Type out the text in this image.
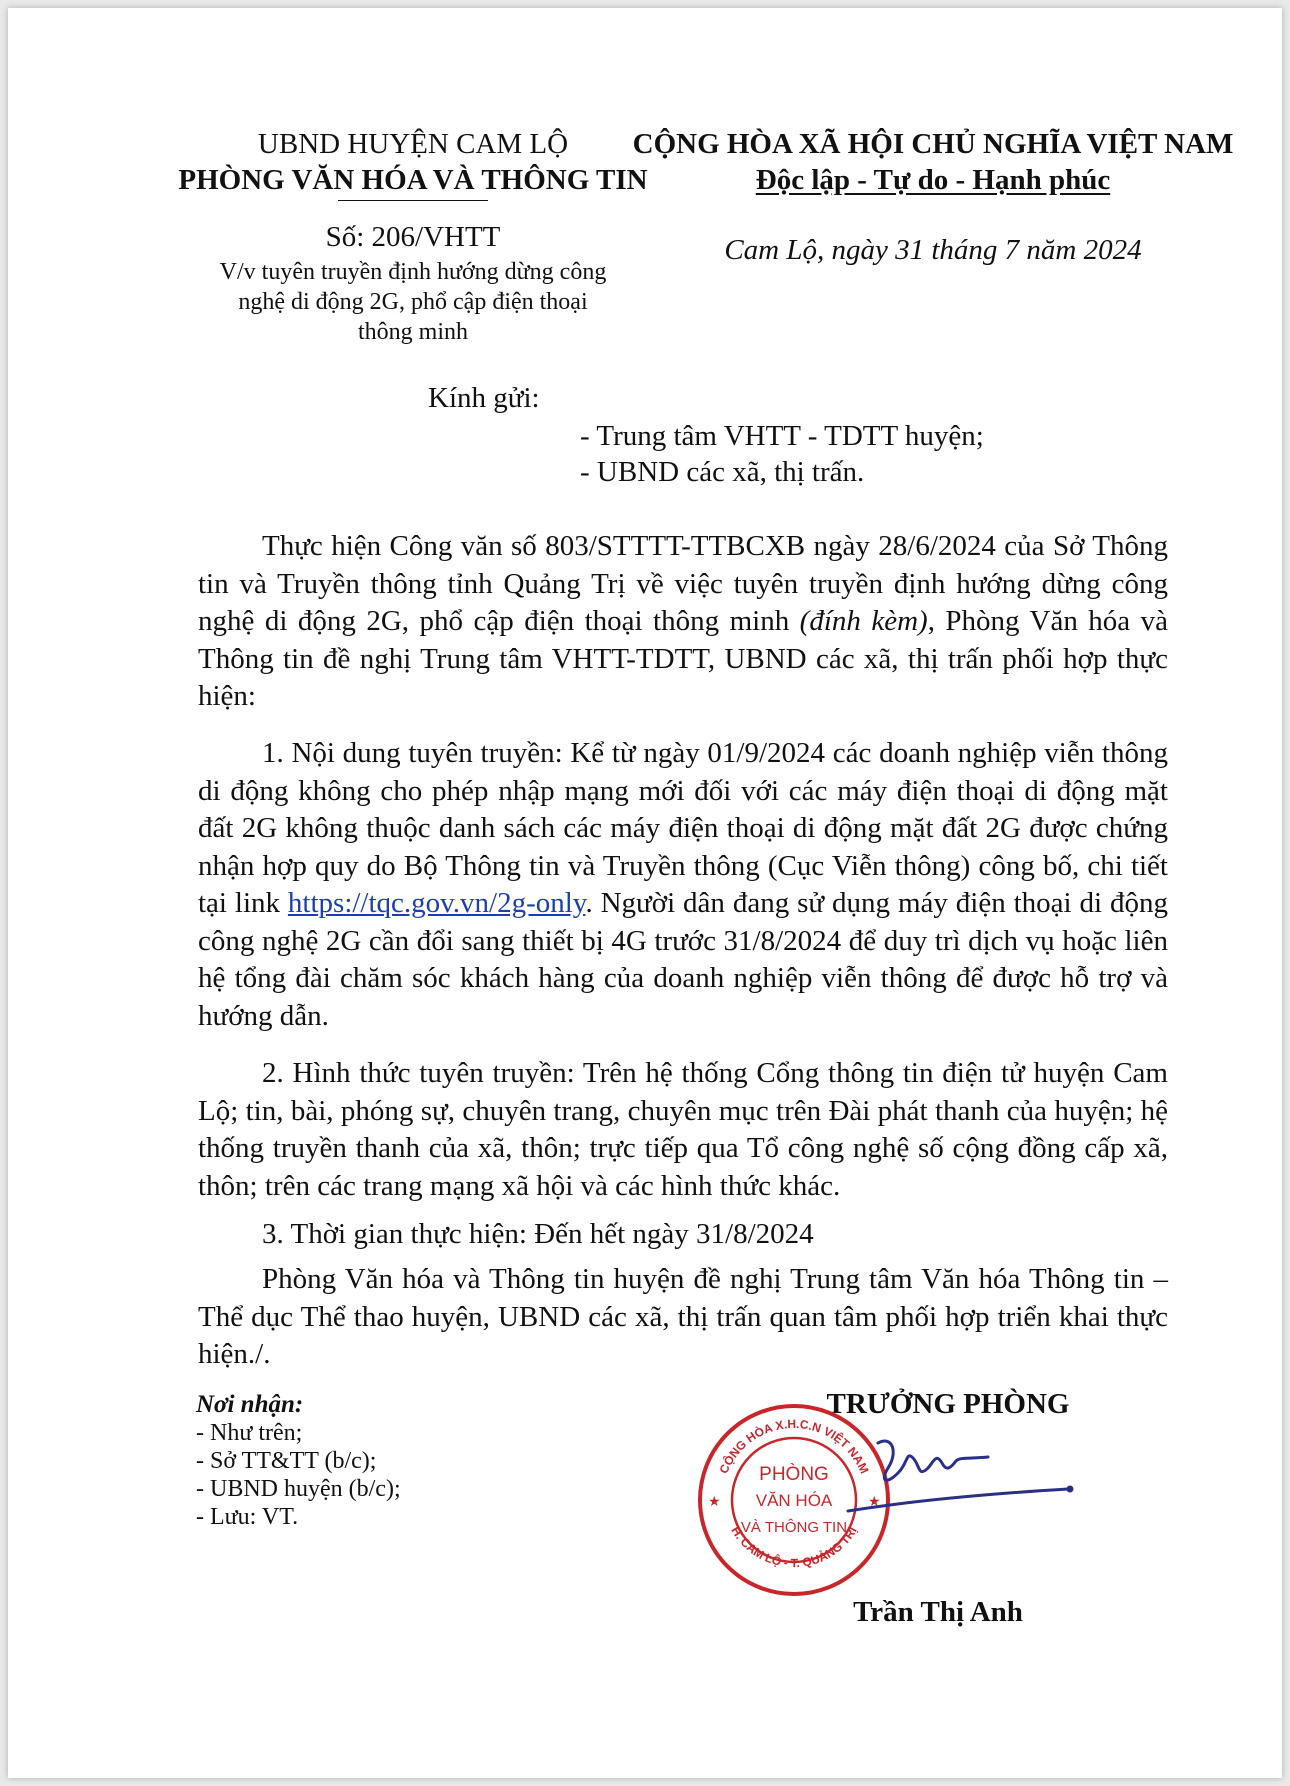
UBND HUYỆN CAM LỘ
PHÒNG VĂN HÓA VÀ THÔNG TIN
Số: 206/VHTT
V/v tuyên truyền định hướng dừng công
nghệ di động 2G, phổ cập điện thoại
thông minh
CỘNG HÒA XÃ HỘI CHỦ NGHĨA VIỆT NAM
Độc lập - Tự do - Hạnh phúc
Cam Lộ, ngày 31 tháng 7 năm 2024
Kính gửi:
- Trung tâm VHTT - TDTT huyện;
- UBND các xã, thị trấn.
Thực hiện Công văn số 803/STTTT-TTBCXB ngày 28/6/2024 của Sở Thông tin và Truyền thông tỉnh Quảng Trị về việc tuyên truyền định hướng dừng công nghệ di động 2G, phổ cập điện thoại thông minh (đính kèm), Phòng Văn hóa và Thông tin đề nghị Trung tâm VHTT-TDTT, UBND các xã, thị trấn phối hợp thực hiện:
1. Nội dung tuyên truyền: Kể từ ngày 01/9/2024 các doanh nghiệp viễn thông di động không cho phép nhập mạng mới đối với các máy điện thoại di động mặt đất 2G không thuộc danh sách các máy điện thoại di động mặt đất 2G được chứng nhận hợp quy do Bộ Thông tin và Truyền thông (Cục Viễn thông) công bố, chi tiết tại link https://tqc.gov.vn/2g-only. Người dân đang sử dụng máy điện thoại di động công nghệ 2G cần đổi sang thiết bị 4G trước 31/8/2024 để duy trì dịch vụ hoặc liên hệ tổng đài chăm sóc khách hàng của doanh nghiệp viễn thông để được hỗ trợ và hướng dẫn.
2. Hình thức tuyên truyền: Trên hệ thống Cổng thông tin điện tử huyện Cam Lộ; tin, bài, phóng sự, chuyên trang, chuyên mục trên Đài phát thanh của huyện; hệ thống truyền thanh của xã, thôn; trực tiếp qua Tổ công nghệ số cộng đồng cấp xã, thôn; trên các trang mạng xã hội và các hình thức khác.
3. Thời gian thực hiện: Đến hết ngày 31/8/2024
Phòng Văn hóa và Thông tin huyện đề nghị Trung tâm Văn hóa Thông tin – Thể dục Thể thao huyện, UBND các xã, thị trấn quan tâm phối hợp triển khai thực hiện./.
Nơi nhận:
- Như trên;
- Sở TT&TT (b/c);
- UBND huyện (b/c);
- Lưu: VT.
TRƯỞNG PHÒNG
CỘNG HÒA X.H.C.N VIỆT NAM
H. CAM LỘ - T. QUẢNG TRỊ
★	★
PHÒNG
VĂN HÓA
VÀ THÔNG TIN
Trần Thị Anh
